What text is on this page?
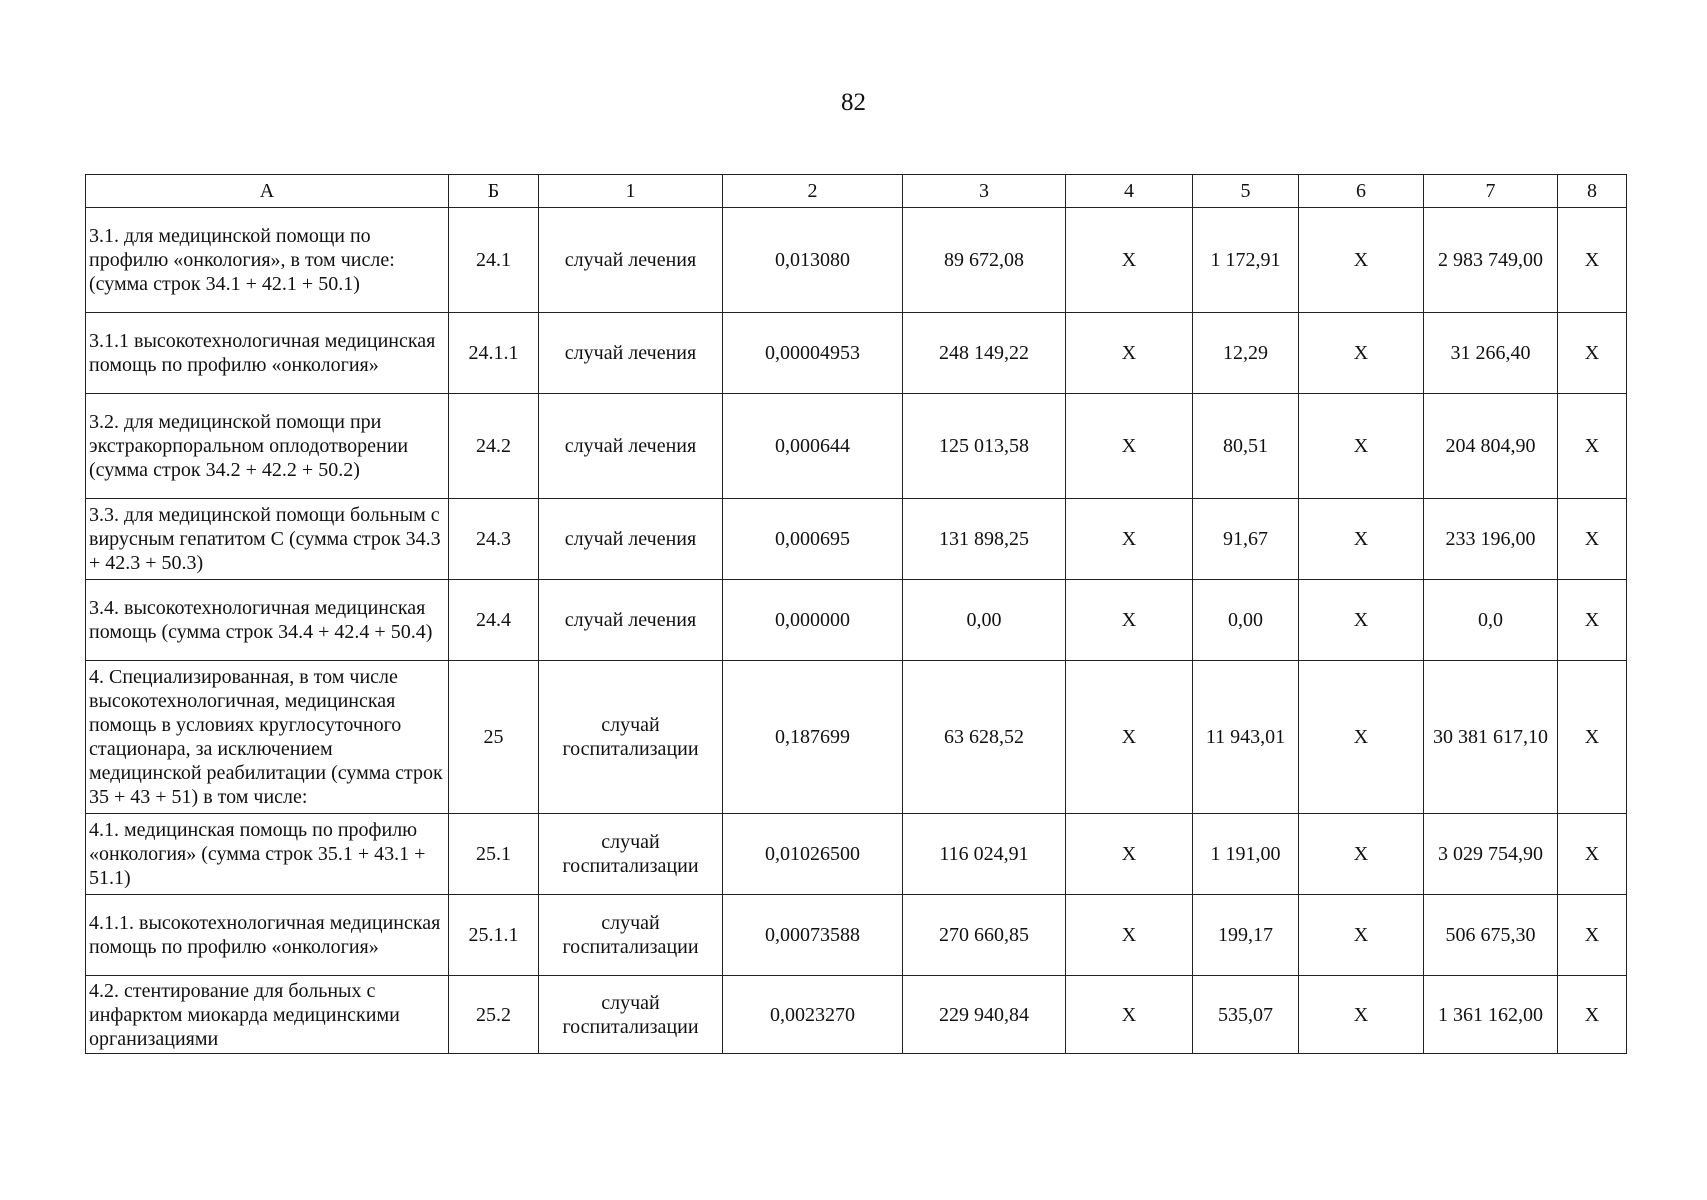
82
А	Б	1	2	3	4	5	6	7	8
3.1. для медицинской помощи по профилю «онкология», в том числе: (сумма строк 34.1 + 42.1 + 50.1)	24.1	случай лечения	0,013080	89 672,08	X	1 172,91	X	2 983 749,00	X
3.1.1 высокотехнологичная медицинская помощь по профилю «онкология»	24.1.1	случай лечения	0,00004953	248 149,22	X	12,29	X	31 266,40	X
3.2. для медицинской помощи при экстракорпоральном оплодотворении (сумма строк 34.2 + 42.2 + 50.2)	24.2	случай лечения	0,000644	125 013,58	X	80,51	X	204 804,90	X
3.3. для медицинской помощи больным с вирусным гепатитом С (сумма строк 34.3 + 42.3 + 50.3)	24.3	случай лечения	0,000695	131 898,25	X	91,67	X	233 196,00	X
3.4. высокотехнологичная медицинская помощь (сумма строк 34.4 + 42.4 + 50.4)	24.4	случай лечения	0,000000	0,00	X	0,00	X	0,0	X
4. Специализированная, в том числе высокотехнологичная, медицинская помощь в условиях круглосуточного стационара, за исключением медицинской реабилитации (сумма строк 35 + 43 + 51) в том числе:	25	случай госпитализации	0,187699	63 628,52	X	11 943,01	X	30 381 617,10	X
4.1. медицинская помощь по профилю «онкология» (сумма строк 35.1 + 43.1 + 51.1)	25.1	случай госпитализации	0,01026500	116 024,91	X	1 191,00	X	3 029 754,90	X
4.1.1. высокотехнологичная медицинская помощь по профилю «онкология»	25.1.1	случай госпитализации	0,00073588	270 660,85	X	199,17	X	506 675,30	X
4.2. стентирование для больных с инфарктом миокарда медицинскими организациями	25.2	случай госпитализации	0,0023270	229 940,84	X	535,07	X	1 361 162,00	X
